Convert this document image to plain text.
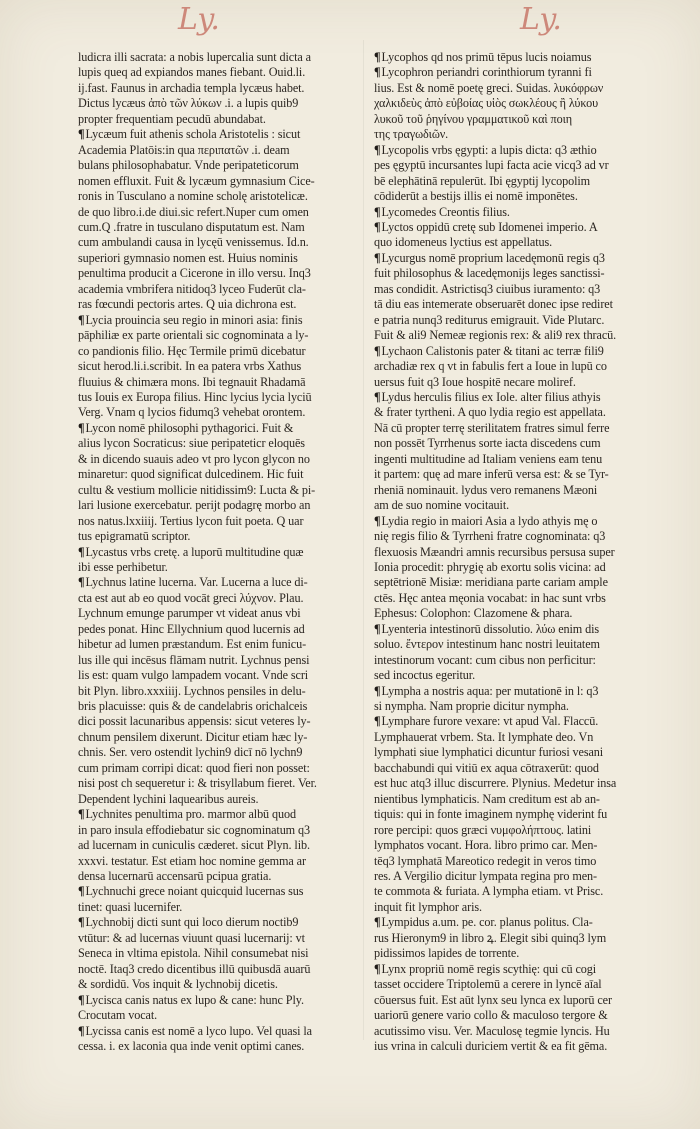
Ly.	Ly.
ludicra illi sacrata: a nobis lupercalia sunt dicta a
lupis queq ad expiandos manes fiebant. Ouid.li.
ij.fast. Faunus in archadia templa lycæus habet.
Dictus lycæus ἀπὸ τῶν λύκων .i. a lupis quib9
propter frequentiam pecudū abundabat.
¶ Lycæum fuit athenis schola Aristotelis : sicut
Academia Platōis:in qua περιπατῶν .i. deam
bulans philosophabatur. Vnde peripateticorum
nomen effluxit. Fuit & lycæum gymnasium Cice-
ronis in Tusculano a nomine scholę aristotelicæ.
de quo libro.i.de diui.sic refert.Nuper cum omen
cum.Q .fratre in tusculano disputatum est. Nam
cum ambulandi causa in lycęū venissemus. Id.n.
superiori gymnasio nomen est. Huius nominis
penultima producit a Cicerone in illo versu. Inq3
academia vmbrifera nitidoq3 lyceo Fuderūt cla-
ras fœcundi pectoris artes. Q uia dichrona est.
¶ Lycia prouincia seu regio in minori asia: finis
pāphiliæ ex parte orientali sic cognominata a ly-
co pandionis filio. Hęc Termile primū dicebatur
sicut herod.li.i.scribit. In ea patera vrbs Xathus
fluuius & chimæra mons. Ibi tegnauit Rhadamā
tus Iouis ex Europa filius. Hinc lycius lycia lyciū
Verg. Vnam q lycios fidumq3 vehebat orontem.
¶ Lycon nomē philosophi pythagorici. Fuit &
alius lycon Socraticus: siue peripateticr eloquēs
& in dicendo suauis adeo vt pro lycon glycon no
minaretur: quod significat dulcedinem. Hic fuit
cultu & vestium mollicie nitidissim9: Lucta & pi-
lari lusione exercebatur. perijt podagrę morbo an
nos natus.lxxiiij. Tertius lycon fuit poeta. Q uar
tus epigramatū scriptor.
¶ Lycastus vrbs cretę. a luporū multitudine quæ
ibi esse perhibetur.
¶ Lychnus latine lucerna. Var. Lucerna a luce di-
cta est aut ab eo quod vocāt greci λύχνον. Plau.
Lychnum emunge parumper vt videat anus vbi
pedes ponat. Hinc Ellychnium quod lucernis ad
hibetur ad lumen præstandum. Est enim funicu-
lus ille qui incēsus flāmam nutrit. Lychnus pensi
lis est: quam vulgo lampadem vocant. Vnde scri
bit Plyn. libro.xxxiiij. Lychnos pensiles in delu-
bris placuisse: quis & de candelabris orichalceis
dici possit lacunaribus appensis: sicut veteres ly-
chnum pensilem dixerunt. Dicitur etiam hæc ly-
chnis. Ser. vero ostendit lychin9 dicī nō lychn9
cum primam corripi dicat: quod fieri non posset:
nisi post ch sequeretur i: & trisyllabum fieret. Ver.
Dependent lychini laquearibus aureis.
¶ Lychnites penultima pro. marmor albū quod
in paro insula effodiebatur sic cognominatum q3
ad lucernam in cuniculis cæderet. sicut Plyn. lib.
xxxvi. testatur. Est etiam hoc nomine gemma ar
densa lucernarū accensarū pcipua gratia.
¶ Lychnuchi grece noiant quicquid lucernas sus
tinet: quasi lucernifer.
¶ Lychnobij dicti sunt qui loco dierum noctib9
vtūtur: & ad lucernas viuunt quasi lucernarij: vt
Seneca in vltima epistola. Nihil consumebat nisi
noctē. Itaq3 credo dicentibus illū quibusdā auarū
& sordidū. Vos inquit & lychnobij dicetis.
¶ Lycisca canis natus ex lupo & cane: hunc Ply.
Crocutam vocat.
¶ Lycissa canis est nomē a lyco lupo. Vel quasi la
cessa. i. ex laconia qua inde venit optimi canes.
¶ Lycophos qd nos primū tēpus lucis noiamus
¶ Lycophron periandri corinthiorum tyranni fi
lius. Est & nomē poetę greci. Suidas. λυκόφρων
χαλκιδεὺς ἀπὸ εὐβοίας υἱὸς σωκλέους ἢ λύκου
λυκοῦ τοῦ ῥηγίνου γραμματικοῦ καὶ ποιη
της τραγωδιῶν.
¶ Lycopolis vrbs ęgypti: a lupis dicta: q3 æthio
pes ęgyptū incursantes lupi facta acie vicq3 ad vr
bē elephātinā repulerūt. Ibi ęgyptij lycopolim
cōdiderūt a bestijs illis ei nomē imponētes.
¶ Lycomedes Creontis filius.
¶ Lyctos oppidū cretę sub Idomenei imperio. A
quo idomeneus lyctius est appellatus.
¶ Lycurgus nomē proprium lacedęmonū regis q3
fuit philosophus & lacedęmonijs leges sanctissi-
mas condidit. Astrictisq3 ciuibus iuramento: q3
tā diu eas intemerate obseruarēt donec ipse rediret
e patria nunq3 rediturus emigrauit. Vide Plutarc.
Fuit & ali9 Nemeæ regionis rex: & ali9 rex thracū.
¶ Lychaon Calistonis pater & titani ac terræ fili9
archadiæ rex q vt in fabulis fert a Ioue in lupū co
uersus fuit q3 Ioue hospitē necare moliref.
¶ Lydus herculis filius ex Iole. alter filius athyis
& frater tyrtheni. A quo lydia regio est appellata.
Nā cū propter terrę sterilitatem fratres simul ferre
non possēt Tyrrhenus sorte iacta discedens cum
ingenti multitudine ad Italiam veniens eam tenu
it partem: quę ad mare inferū versa est: & se Tyr-
rheniā nominauit. lydus vero remanens Mæoni
am de suo nomine vocitauit.
¶ Lydia regio in maiori Asia a lydo athyis mę o
nię regis filio & Tyrrheni fratre cognominata: q3
flexuosis Mæandri amnis recursibus persusa super
Ionia procedit: phrygię ab exortu solis vicina: ad
septētrionē Misiæ: meridiana parte cariam ample
ctēs. Hęc antea męonia vocabat: in hac sunt vrbs
Ephesus: Colophon: Clazomene & phara.
¶ Lyenteria intestinorū dissolutio. λύω enim dis
soluo. ἔντερον intestinum hanc nostri leuitatem
intestinorum vocant: cum cibus non perficitur:
sed incoctus egeritur.
¶ Lympha a nostris aqua: per mutationē in l: q3
si nympha. Nam proprie dicitur nympha.
¶ Lymphare furore vexare: vt apud Val. Flaccū.
Lymphauerat vrbem. Sta. It lymphate deo. Vn
lymphati siue lymphatici dicuntur furiosi vesani
bacchabundi qui vitiū ex aqua cōtraxerūt: quod
est huc atq3 illuc discurrere. Plynius. Medetur insa
nientibus lymphaticis. Nam creditum est ab an-
tiquis: qui in fonte imaginem nymphę viderint fu
rore percipi: quos græci νυμφολήπτους. latini
lymphatos vocant. Hora. libro primo car. Men-
tēq3 lymphatā Mareotico redegit in veros timo
res. A Vergilio dicitur lympata regina pro men-
te commota & furiata. A lympha etiam. vt Prisc.
inquit fit lymphor aris.
¶ Lympidus a.um. pe. cor. planus politus. Cla-
rus Hieronym9 in libro ꝝ. Elegit sibi quinq3 lym
pidissimos lapides de torrente.
¶ Lynx propriū nomē regis scythię: qui cū cogi
tasset occidere Triptolemū a cerere in lyncē aīal
cōuersus fuit. Est aūt lynx seu lynca ex luporū cer
uariorū genere vario collo & maculoso tergore &
acutissimo visu. Ver. Maculosę tegmie lyncis. Hu
ius vrina in calculi duriciem vertit & ea fit gēma.
